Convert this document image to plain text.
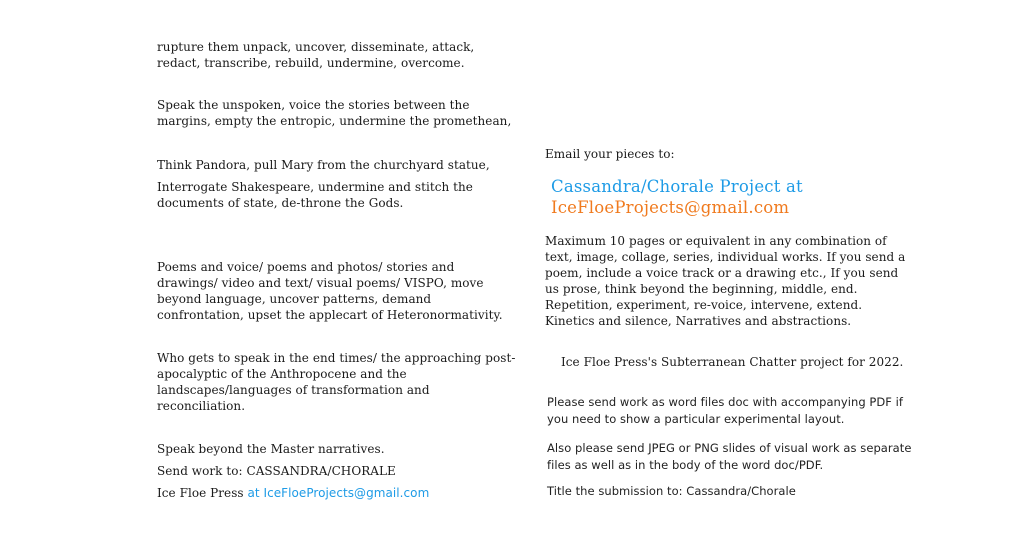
rupture them unpack, uncover, disseminate, attack,
redact, transcribe, rebuild, undermine, overcome.

Speak the unspoken, voice the stories between the
margins, empty the entropic, undermine the promethean,

Think Pandora, pull Mary from the churchyard statue,

Interrogate Shakespeare, undermine and stitch the
documents of state, de-throne the Gods.

Poems and voice/ poems and photos/ stories and
drawings/ video and text/ visual poems/ VISPO, move
beyond language, uncover patterns, demand
confrontation, upset the applecart of Heteronormativity.

Who gets to speak in the end times/ the approaching post-
apocalyptic of the Anthropocene and the
landscapes/languages of transformation and
reconciliation.

Speak beyond the Master narratives.

Send work to: CASSANDRA/CHORALE

Ice Floe Press at IceFloeProjects@gmail.com

Email your pieces to:

Cassandra/Chorale Project at
IceFloeProjects@gmail.com

Maximum 10 pages or equivalent in any combination of
text, image, collage, series, individual works. If you send a
poem, include a voice track or a drawing etc., If you send
us prose, think beyond the beginning, middle, end.
Repetition, experiment, re-voice, intervene, extend.
Kinetics and silence, Narratives and abstractions.

Ice Floe Press's Subterranean Chatter project for 2022.

Please send work as word files doc with accompanying PDF if
you need to show a particular experimental layout.

Also please send JPEG or PNG slides of visual work as separate
files as well as in the body of the word doc/PDF.

Title the submission to: Cassandra/Chorale
